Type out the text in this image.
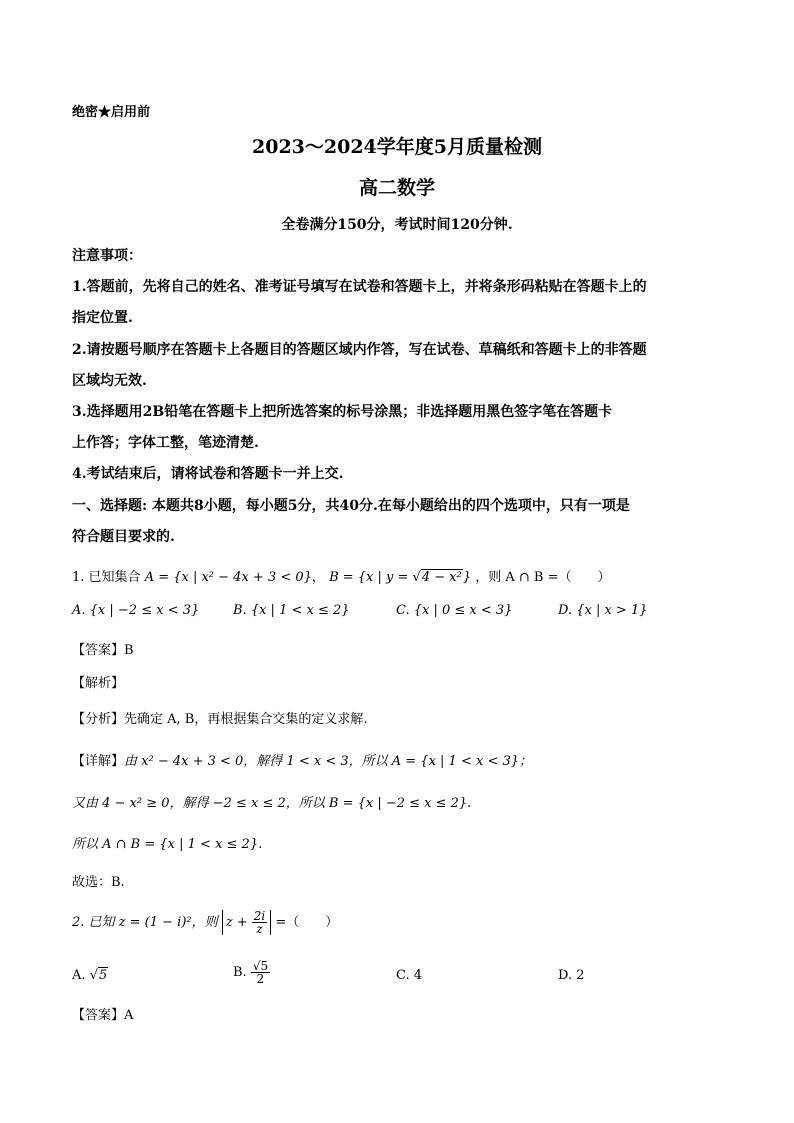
绝密★启用前
2023～2024学年度5月质量检测
高二数学
全卷满分150分，考试时间120分钟.
注意事项：
1.答题前，先将自己的姓名、准考证号填写在试卷和答题卡上，并将条形码粘贴在答题卡上的
指定位置.
2.请按题号顺序在答题卡上各题目的答题区域内作答，写在试卷、草稿纸和答题卡上的非答题
区域均无效.
3.选择题用2B铅笔在答题卡上把所选答案的标号涂黑；非选择题用黑色签字笔在答题卡
上作答；字体工整，笔迹清楚.
4.考试结束后，请将试卷和答题卡一并上交.
一、选择题: 本题共8小题，每小题5分，共40分.在每小题给出的四个选项中，只有一项是
符合题目要求的.
1. 已知集合 A = {x | x² − 4x + 3 < 0}， B = {x | y = √4 − x²} ，则 A ∩ B =（　　）
A. {x | −2 ≤ x < 3}	B. {x | 1 < x ≤ 2}	C. {x | 0 ≤ x < 3}	D. {x | x > 1}
【答案】B
【解析】
【分析】先确定 A, B，再根据集合交集的定义求解.
【详解】由 x² − 4x + 3 < 0，解得 1 < x < 3，所以 A = {x | 1 < x < 3}；
又由 4 − x² ≥ 0，解得 −2 ≤ x ≤ 2，所以 B = {x | −2 ≤ x ≤ 2}.
所以 A ∩ B = {x | 1 < x ≤ 2}.
故选：B.
2. 已知 z = (1 − i)²，则 $z + \frac{2i}{z}$ =（　　）
A. √5	B. $\frac{√5}{2}$	C. 4	D. 2
【答案】A
